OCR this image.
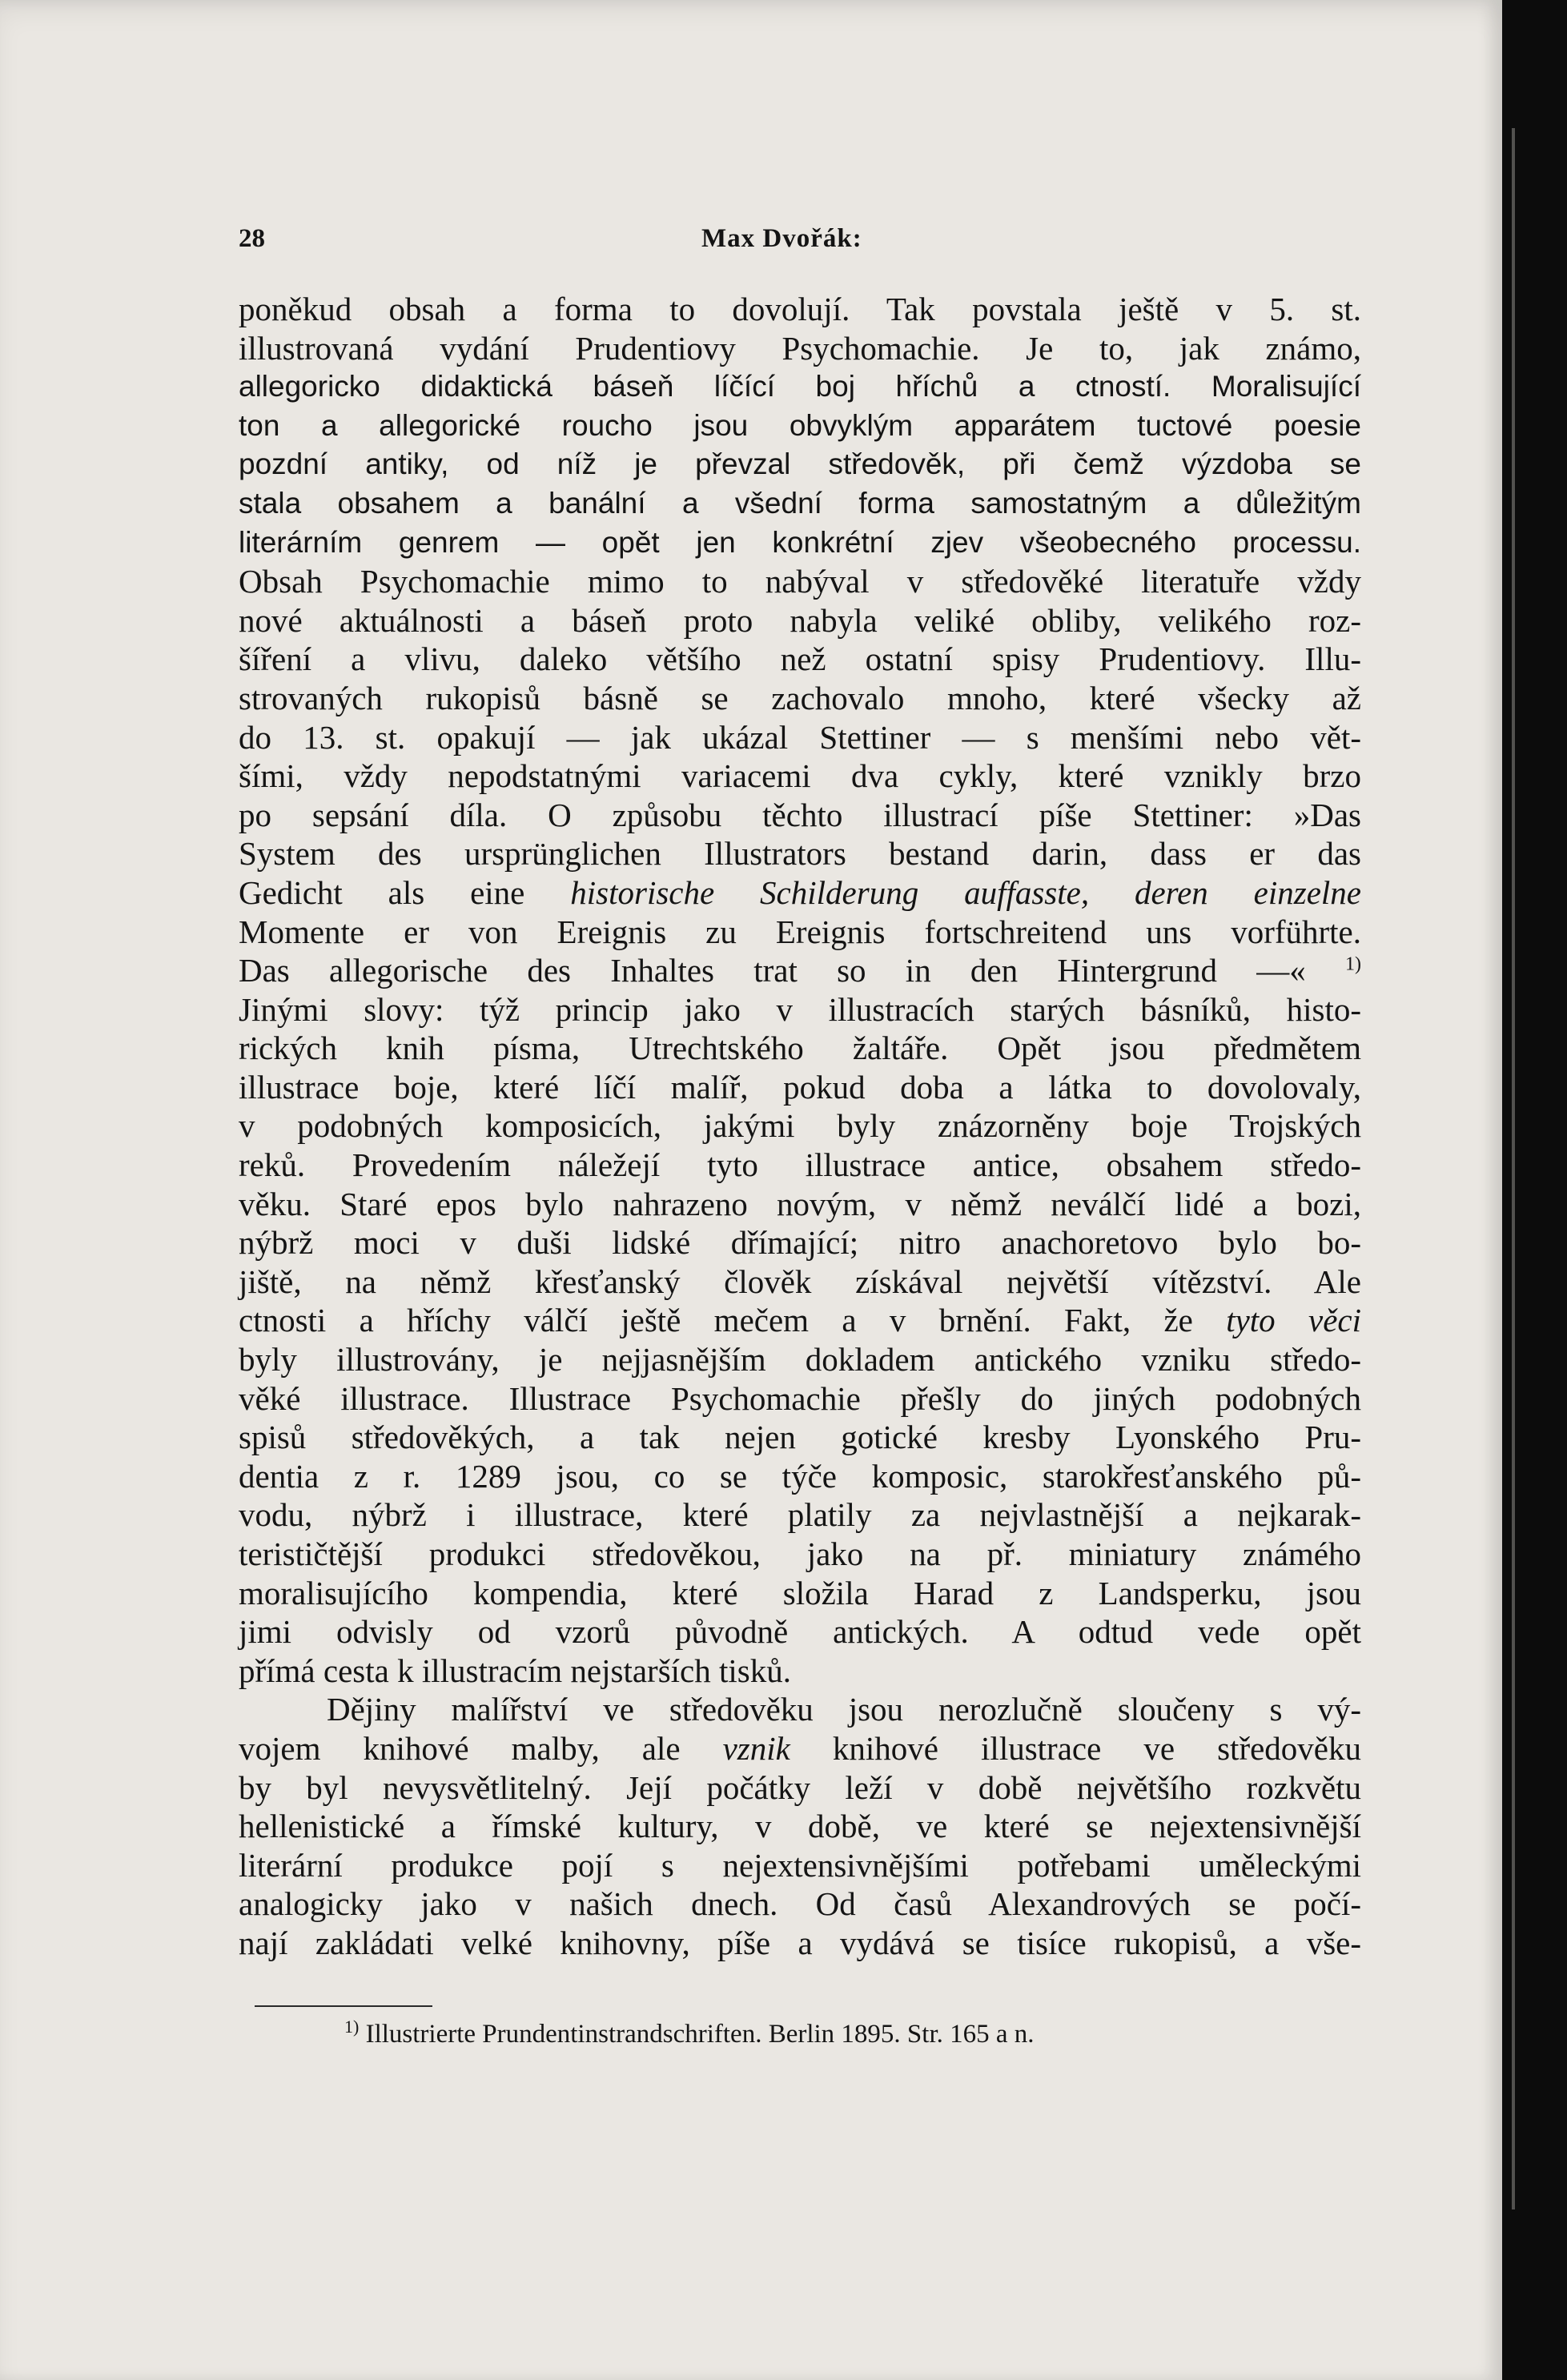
28	Max Dvořák:
poněkud obsah a forma to dovolují. Tak povstala ještě v 5. st.
illustrovaná vydání Prudentiovy Psychomachie. Je to, jak známo,
allegoricko didaktická báseň líčící boj hříchů a ctností. Moralisující
ton a allegorické roucho jsou obvyklým apparátem tuctové poesie
pozdní antiky, od níž je převzal středověk, při čemž výzdoba se
stala obsahem a banální a všední forma samostatným a důležitým
literárním genrem — opět jen konkrétní zjev všeobecného processu.
Obsah Psychomachie mimo to nabýval v středověké literatuře vždy
nové aktuálnosti a báseň proto nabyla veliké obliby, velikého roz-
šíření a vlivu, daleko většího než ostatní spisy Prudentiovy. Illu-
strovaných rukopisů básně se zachovalo mnoho, které všecky až
do 13. st. opakují — jak ukázal Stettiner — s menšími nebo vět-
šími, vždy nepodstatnými variacemi dva cykly, které vznikly brzo
po sepsání díla. O způsobu těchto illustrací píše Stettiner: »Das
System des ursprünglichen Illustrators bestand darin, dass er das
Gedicht als eine historische Schilderung auffasste, deren einzelne
Momente er von Ereignis zu Ereignis fortschreitend uns vorführte.
Das allegorische des Inhaltes trat so in den Hintergrund —« $^{1)}$
Jinými slovy: týž princip jako v illustracích starých básníků, histo-
rických knih písma, Utrechtského žaltáře. Opět jsou předmětem
illustrace boje, které líčí malíř, pokud doba a látka to dovolovaly,
v podobných komposicích, jakými byly znázorněny boje Trojských
reků. Provedením náležejí tyto illustrace antice, obsahem středo-
věku. Staré epos bylo nahrazeno novým, v němž neválčí lidé a bozi,
nýbrž moci v duši lidské dřímající; nitro anachoretovo bylo bo-
jiště, na němž křesťanský člověk získával největší vítězství. Ale
ctnosti a hříchy válčí ještě mečem a v brnění. Fakt, že tyto věci
byly illustrovány, je nejjasnějším dokladem antického vzniku středo-
věké illustrace. Illustrace Psychomachie přešly do jiných podobných
spisů středověkých, a tak nejen gotické kresby Lyonského Pru-
dentia z r. 1289 jsou, co se týče komposic, starokřesťanského pů-
vodu, nýbrž i illustrace, které platily za nejvlastnější a nejkarak-
terističtější produkci středověkou, jako na př. miniatury známého
moralisujícího kompendia, které složila Harad z Landsperku, jsou
jimi odvisly od vzorů původně antických. A odtud vede opět
přímá cesta k illustracím nejstarších tisků.
Dějiny malířství ve středověku jsou nerozlučně sloučeny s vý-
vojem knihové malby, ale vznik knihové illustrace ve středověku
by byl nevysvětlitelný. Její počátky leží v době největšího rozkvětu
hellenistické a římské kultury, v době, ve které se nejextensivnější
literární produkce pojí s nejextensivnějšími potřebami uměleckými
analogicky jako v našich dnech. Od časů Alexandrových se počí-
nají zakládati velké knihovny, píše a vydává se tisíce rukopisů, a vše-
$^{1)}$ Illustrierte Prundentinstrandschriften. Berlin 1895. Str. 165 a n.
